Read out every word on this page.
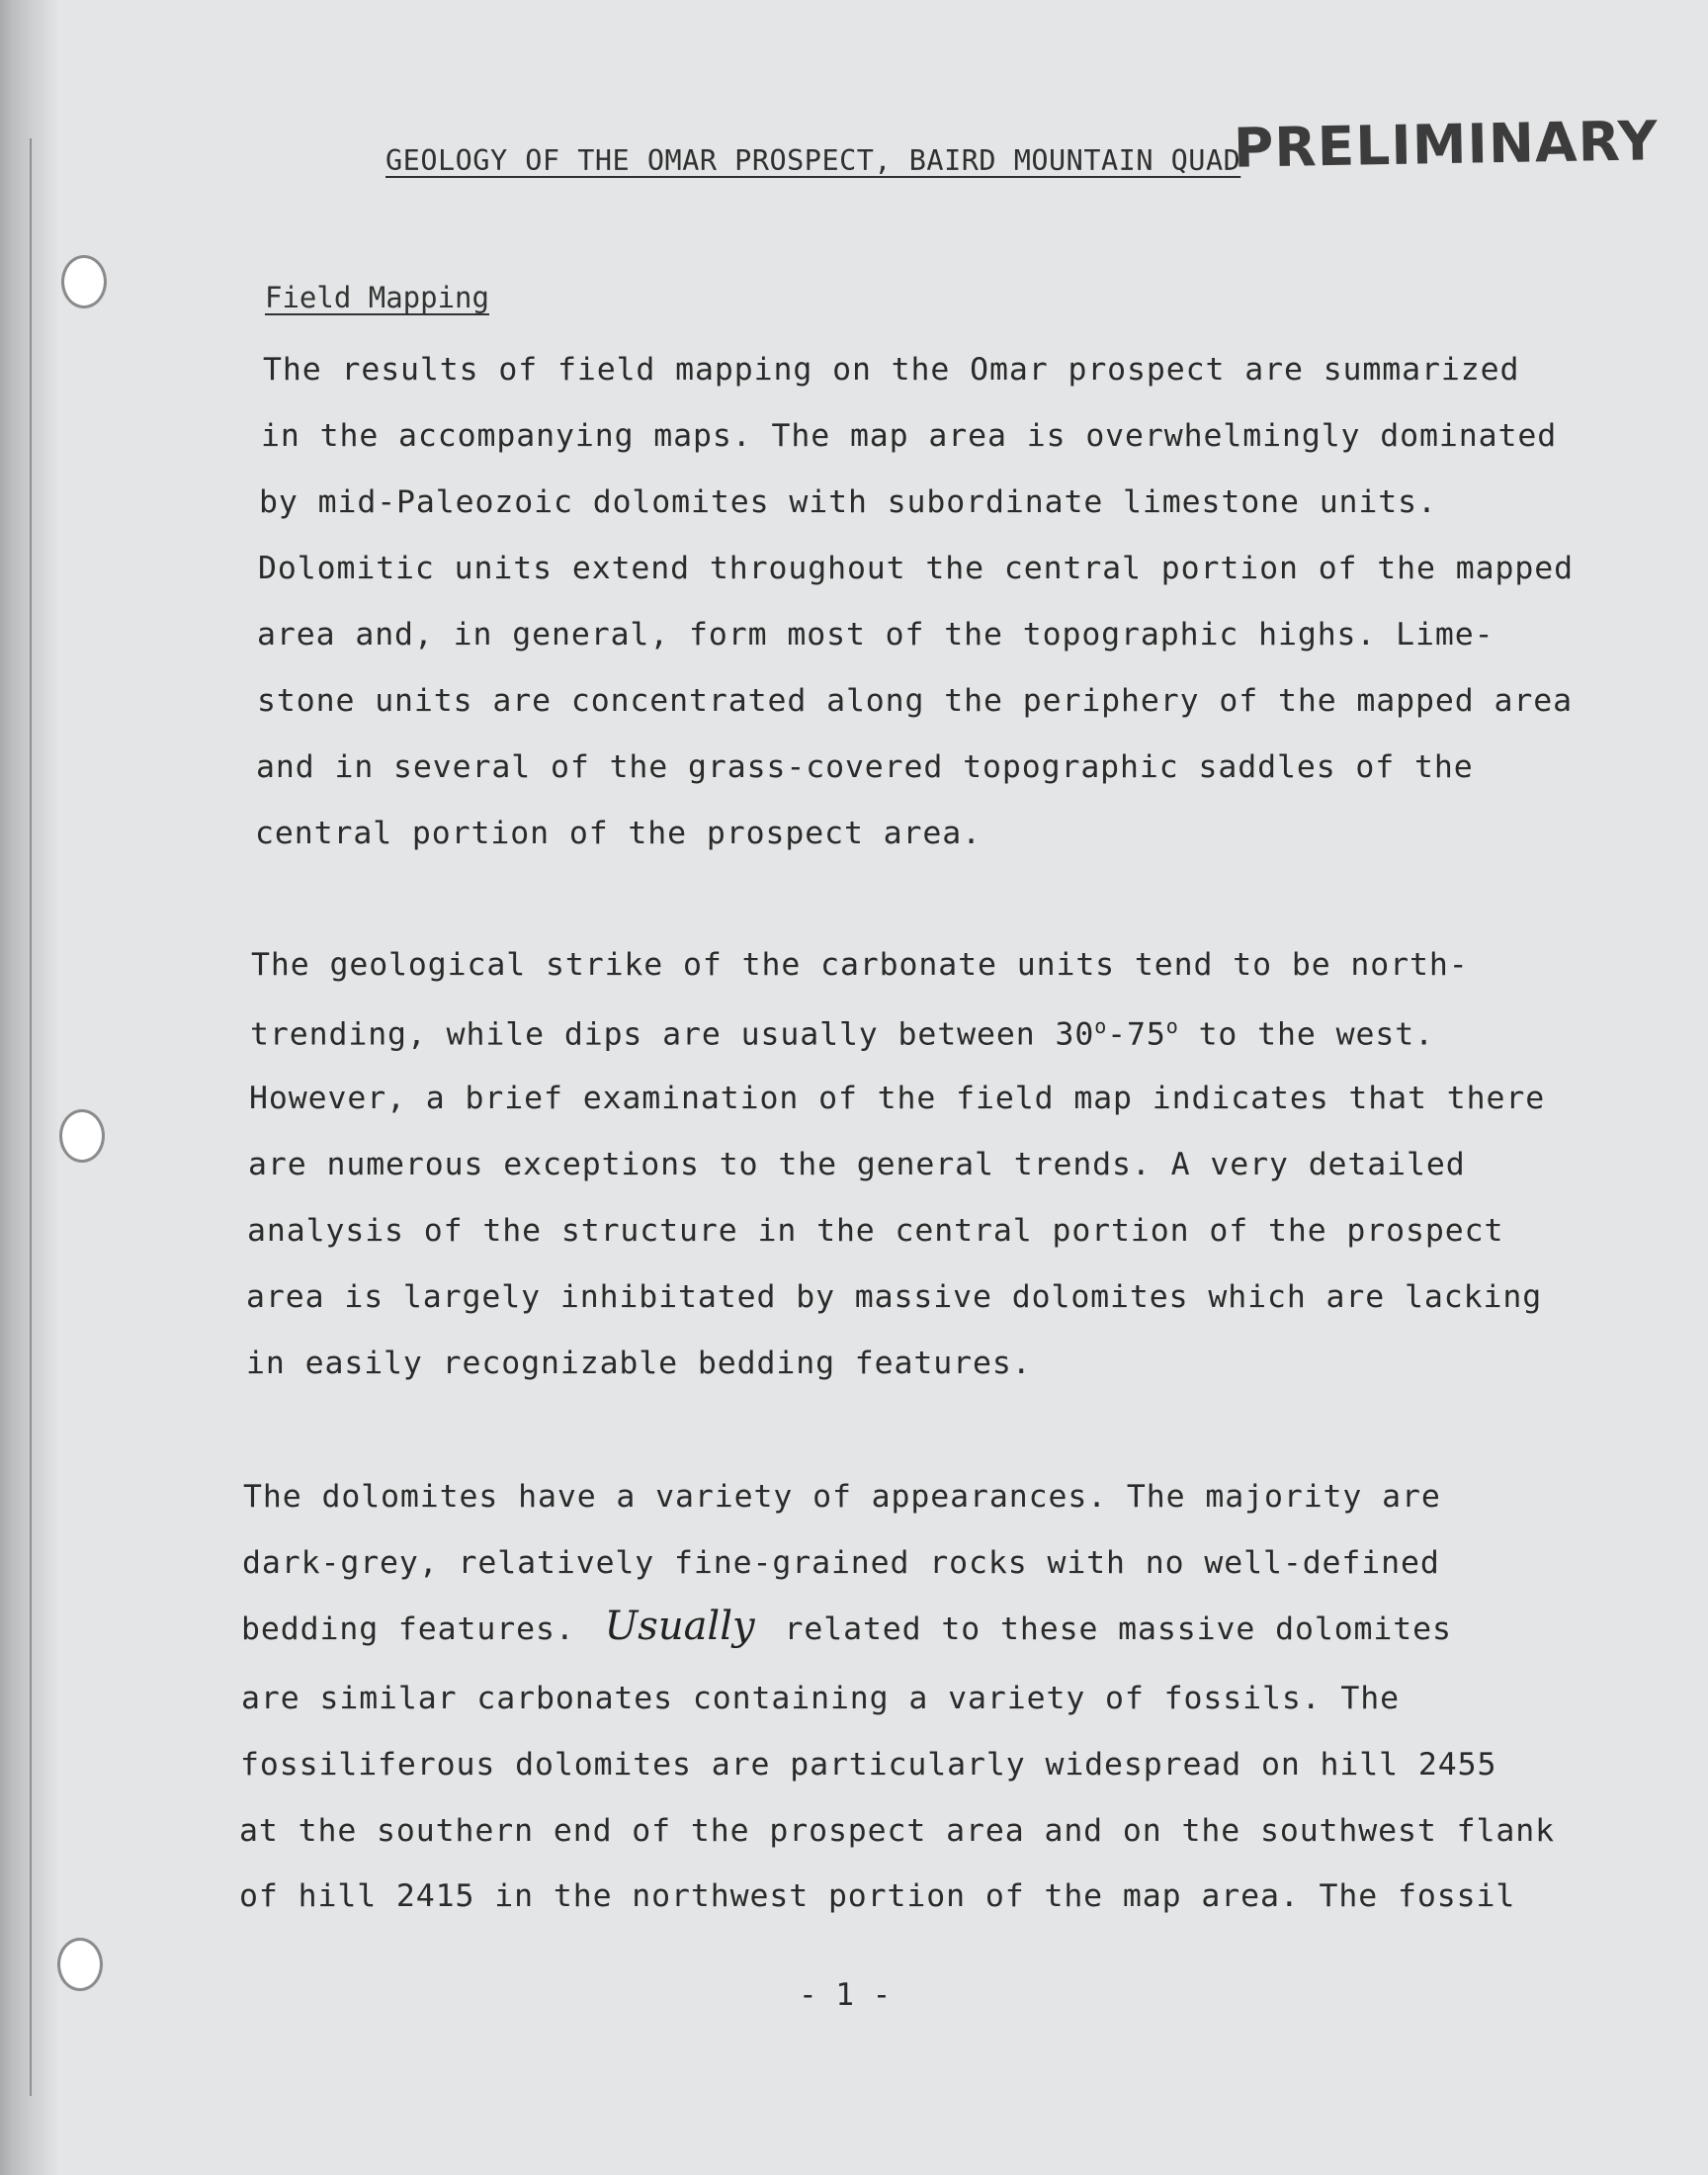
PRELIMINARY
GEOLOGY OF THE OMAR PROSPECT, BAIRD MOUNTAIN QUAD
Field Mapping
The results of field mapping on the Omar prospect are summarized
in the accompanying maps. The map area is overwhelmingly dominated
by mid-Paleozoic dolomites with subordinate limestone units.
Dolomitic units extend throughout the central portion of the mapped
area and, in general, form most of the topographic highs. Lime-
stone units are concentrated along the periphery of the mapped area
and in several of the grass-covered topographic saddles of the
central portion of the prospect area.
The geological strike of the carbonate units tend to be north-
trending, while dips are usually between 30$^o$-75$^o$ to the west.
However, a brief examination of the field map indicates that there
are numerous exceptions to the general trends. A very detailed
analysis of the structure in the central portion of the prospect
area is largely inhibitated by massive dolomites which are lacking
in easily recognizable bedding features.
The dolomites have a variety of appearances. The majority are
dark-grey, relatively fine-grained rocks with no well-defined
bedding features. Usually related to these massive dolomites
are similar carbonates containing a variety of fossils. The
fossiliferous dolomites are particularly widespread on hill 2455
at the southern end of the prospect area and on the southwest flank
of hill 2415 in the northwest portion of the map area. The fossil
- 1 -
